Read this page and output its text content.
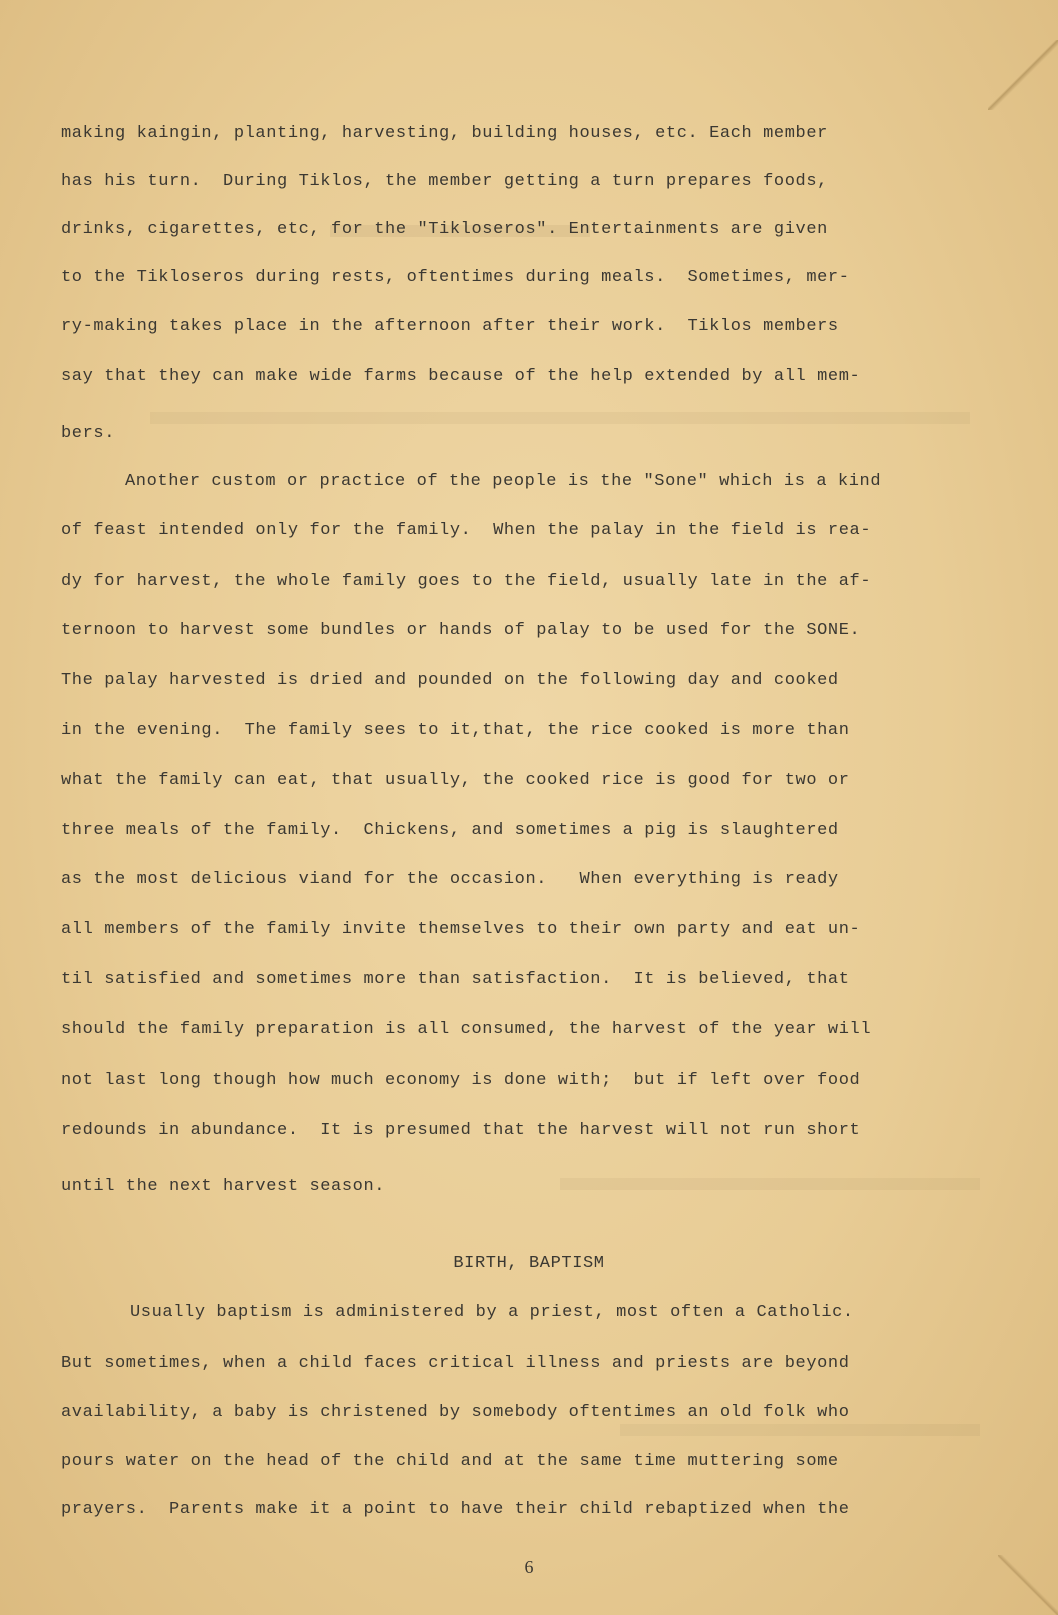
making kaingin, planting, harvesting, building houses, etc. Each member
has his turn.  During Tiklos, the member getting a turn prepares foods,
drinks, cigarettes, etc, for the "Tikloseros". Entertainments are given
to the Tikloseros during rests, oftentimes during meals.  Sometimes, mer-
ry-making takes place in the afternoon after their work.  Tiklos members
say that they can make wide farms because of the help extended by all mem-
bers.
Another custom or practice of the people is the "Sone" which is a kind
of feast intended only for the family.  When the palay in the field is rea-
dy for harvest, the whole family goes to the field, usually late in the af-
ternoon to harvest some bundles or hands of palay to be used for the SONE.
The palay harvested is dried and pounded on the following day and cooked
in the evening.  The family sees to it,that, the rice cooked is more than
what the family can eat, that usually, the cooked rice is good for two or
three meals of the family.  Chickens, and sometimes a pig is slaughtered
as the most delicious viand for the occasion.   When everything is ready
all members of the family invite themselves to their own party and eat un-
til satisfied and sometimes more than satisfaction.  It is believed, that
should the family preparation is all consumed, the harvest of the year will
not last long though how much economy is done with;  but if left over food
redounds in abundance.  It is presumed that the harvest will not run short
until the next harvest season.
BIRTH, BAPTISM
Usually baptism is administered by a priest, most often a Catholic.
But sometimes, when a child faces critical illness and priests are beyond
availability, a baby is christened by somebody oftentimes an old folk who
pours water on the head of the child and at the same time muttering some
prayers.  Parents make it a point to have their child rebaptized when the
6
